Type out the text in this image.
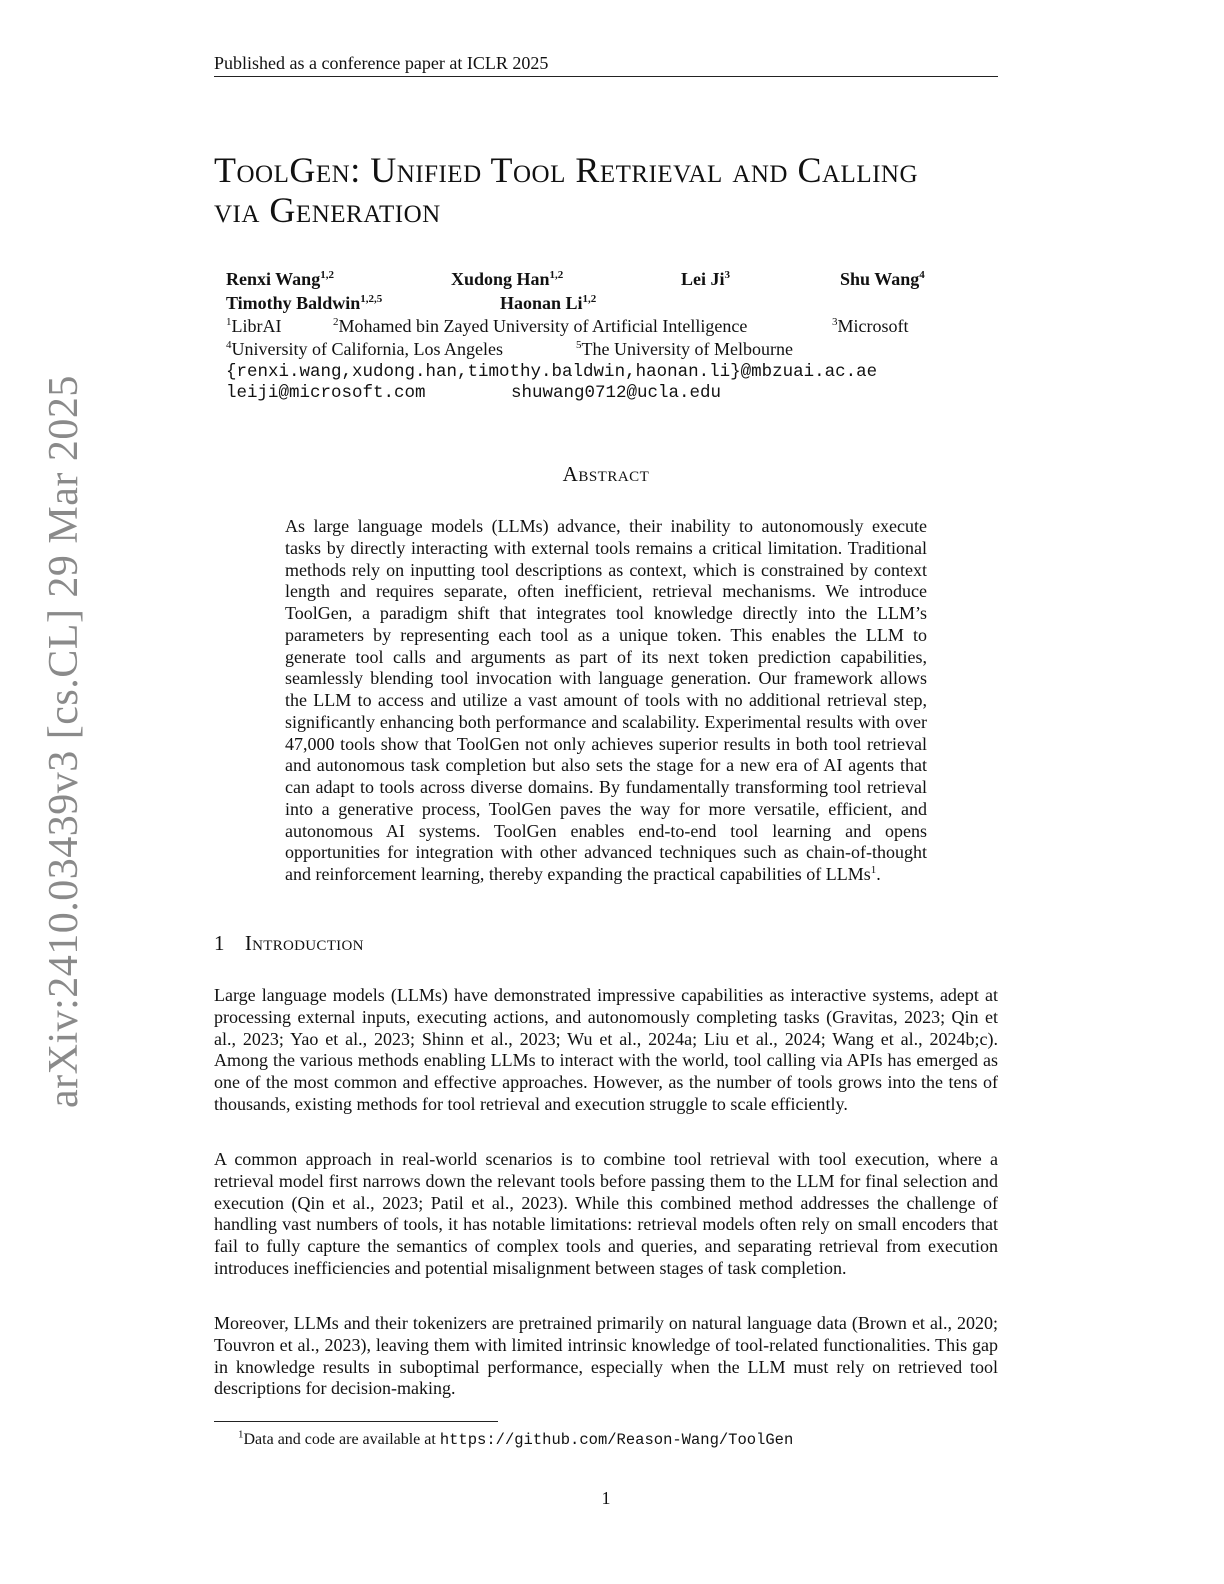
Published as a conference paper at ICLR 2025
arXiv:2410.03439v3 [cs.CL] 29 Mar 2025
ToolGen: Unified Tool Retrieval and Calling
via Generation
Renxi Wang$^{1,2}$	Xudong Han$^{1,2}$	Lei Ji$^3$	Shu Wang$^4$
Timothy Baldwin$^{1,2,5}$	Haonan Li$^{1,2}$
$^1$LibrAI	$^2$Mohamed bin Zayed University of Artificial Intelligence	$^3$Microsoft
$^4$University of California, Los Angeles	$^5$The University of Melbourne
{renxi.wang,xudong.han,timothy.baldwin,haonan.li}@mbzuai.ac.ae
leiji@microsoft.com	shuwang0712@ucla.edu
Abstract

As large language models (LLMs) advance, their inability to autonomously execute tasks by directly interacting with external tools remains a critical limitation. Traditional methods rely on inputting tool descriptions as context, which is constrained by context length and requires separate, often inefficient, retrieval mechanisms. We introduce ToolGen, a paradigm shift that integrates tool knowledge directly into the LLM’s parameters by representing each tool as a unique token. This enables the LLM to generate tool calls and arguments as part of its next token prediction capabilities, seamlessly blending tool invocation with language generation. Our framework allows the LLM to access and utilize a vast amount of tools with no additional retrieval step, significantly enhancing both performance and scalability. Experimental results with over 47,000 tools show that ToolGen not only achieves superior results in both tool retrieval and autonomous task completion but also sets the stage for a new era of AI agents that can adapt to tools across diverse domains. By fundamentally transforming tool retrieval into a generative process, ToolGen paves the way for more versatile, efficient, and autonomous AI systems. ToolGen enables end-to-end tool learning and opens opportunities for integration with other advanced techniques such as chain-of-thought and reinforcement learning, thereby expanding the practical capabilities of LLMs$^1$.

1 Introduction

Large language models (LLMs) have demonstrated impressive capabilities as interactive systems, adept at processing external inputs, executing actions, and autonomously completing tasks (Gravitas, 2023; Qin et al., 2023; Yao et al., 2023; Shinn et al., 2023; Wu et al., 2024a; Liu et al., 2024; Wang et al., 2024b;c). Among the various methods enabling LLMs to interact with the world, tool calling via APIs has emerged as one of the most common and effective approaches. However, as the number of tools grows into the tens of thousands, existing methods for tool retrieval and execution struggle to scale efficiently.

A common approach in real-world scenarios is to combine tool retrieval with tool execution, where a retrieval model first narrows down the relevant tools before passing them to the LLM for final selection and execution (Qin et al., 2023; Patil et al., 2023). While this combined method addresses the challenge of handling vast numbers of tools, it has notable limitations: retrieval models often rely on small encoders that fail to fully capture the semantics of complex tools and queries, and separating retrieval from execution introduces inefficiencies and potential misalignment between stages of task completion.

Moreover, LLMs and their tokenizers are pretrained primarily on natural language data (Brown et al., 2020; Touvron et al., 2023), leaving them with limited intrinsic knowledge of tool-related functionalities. This gap in knowledge results in suboptimal performance, especially when the LLM must rely on retrieved tool descriptions for decision-making.

$^1$Data and code are available at https://github.com/Reason-Wang/ToolGen
1
